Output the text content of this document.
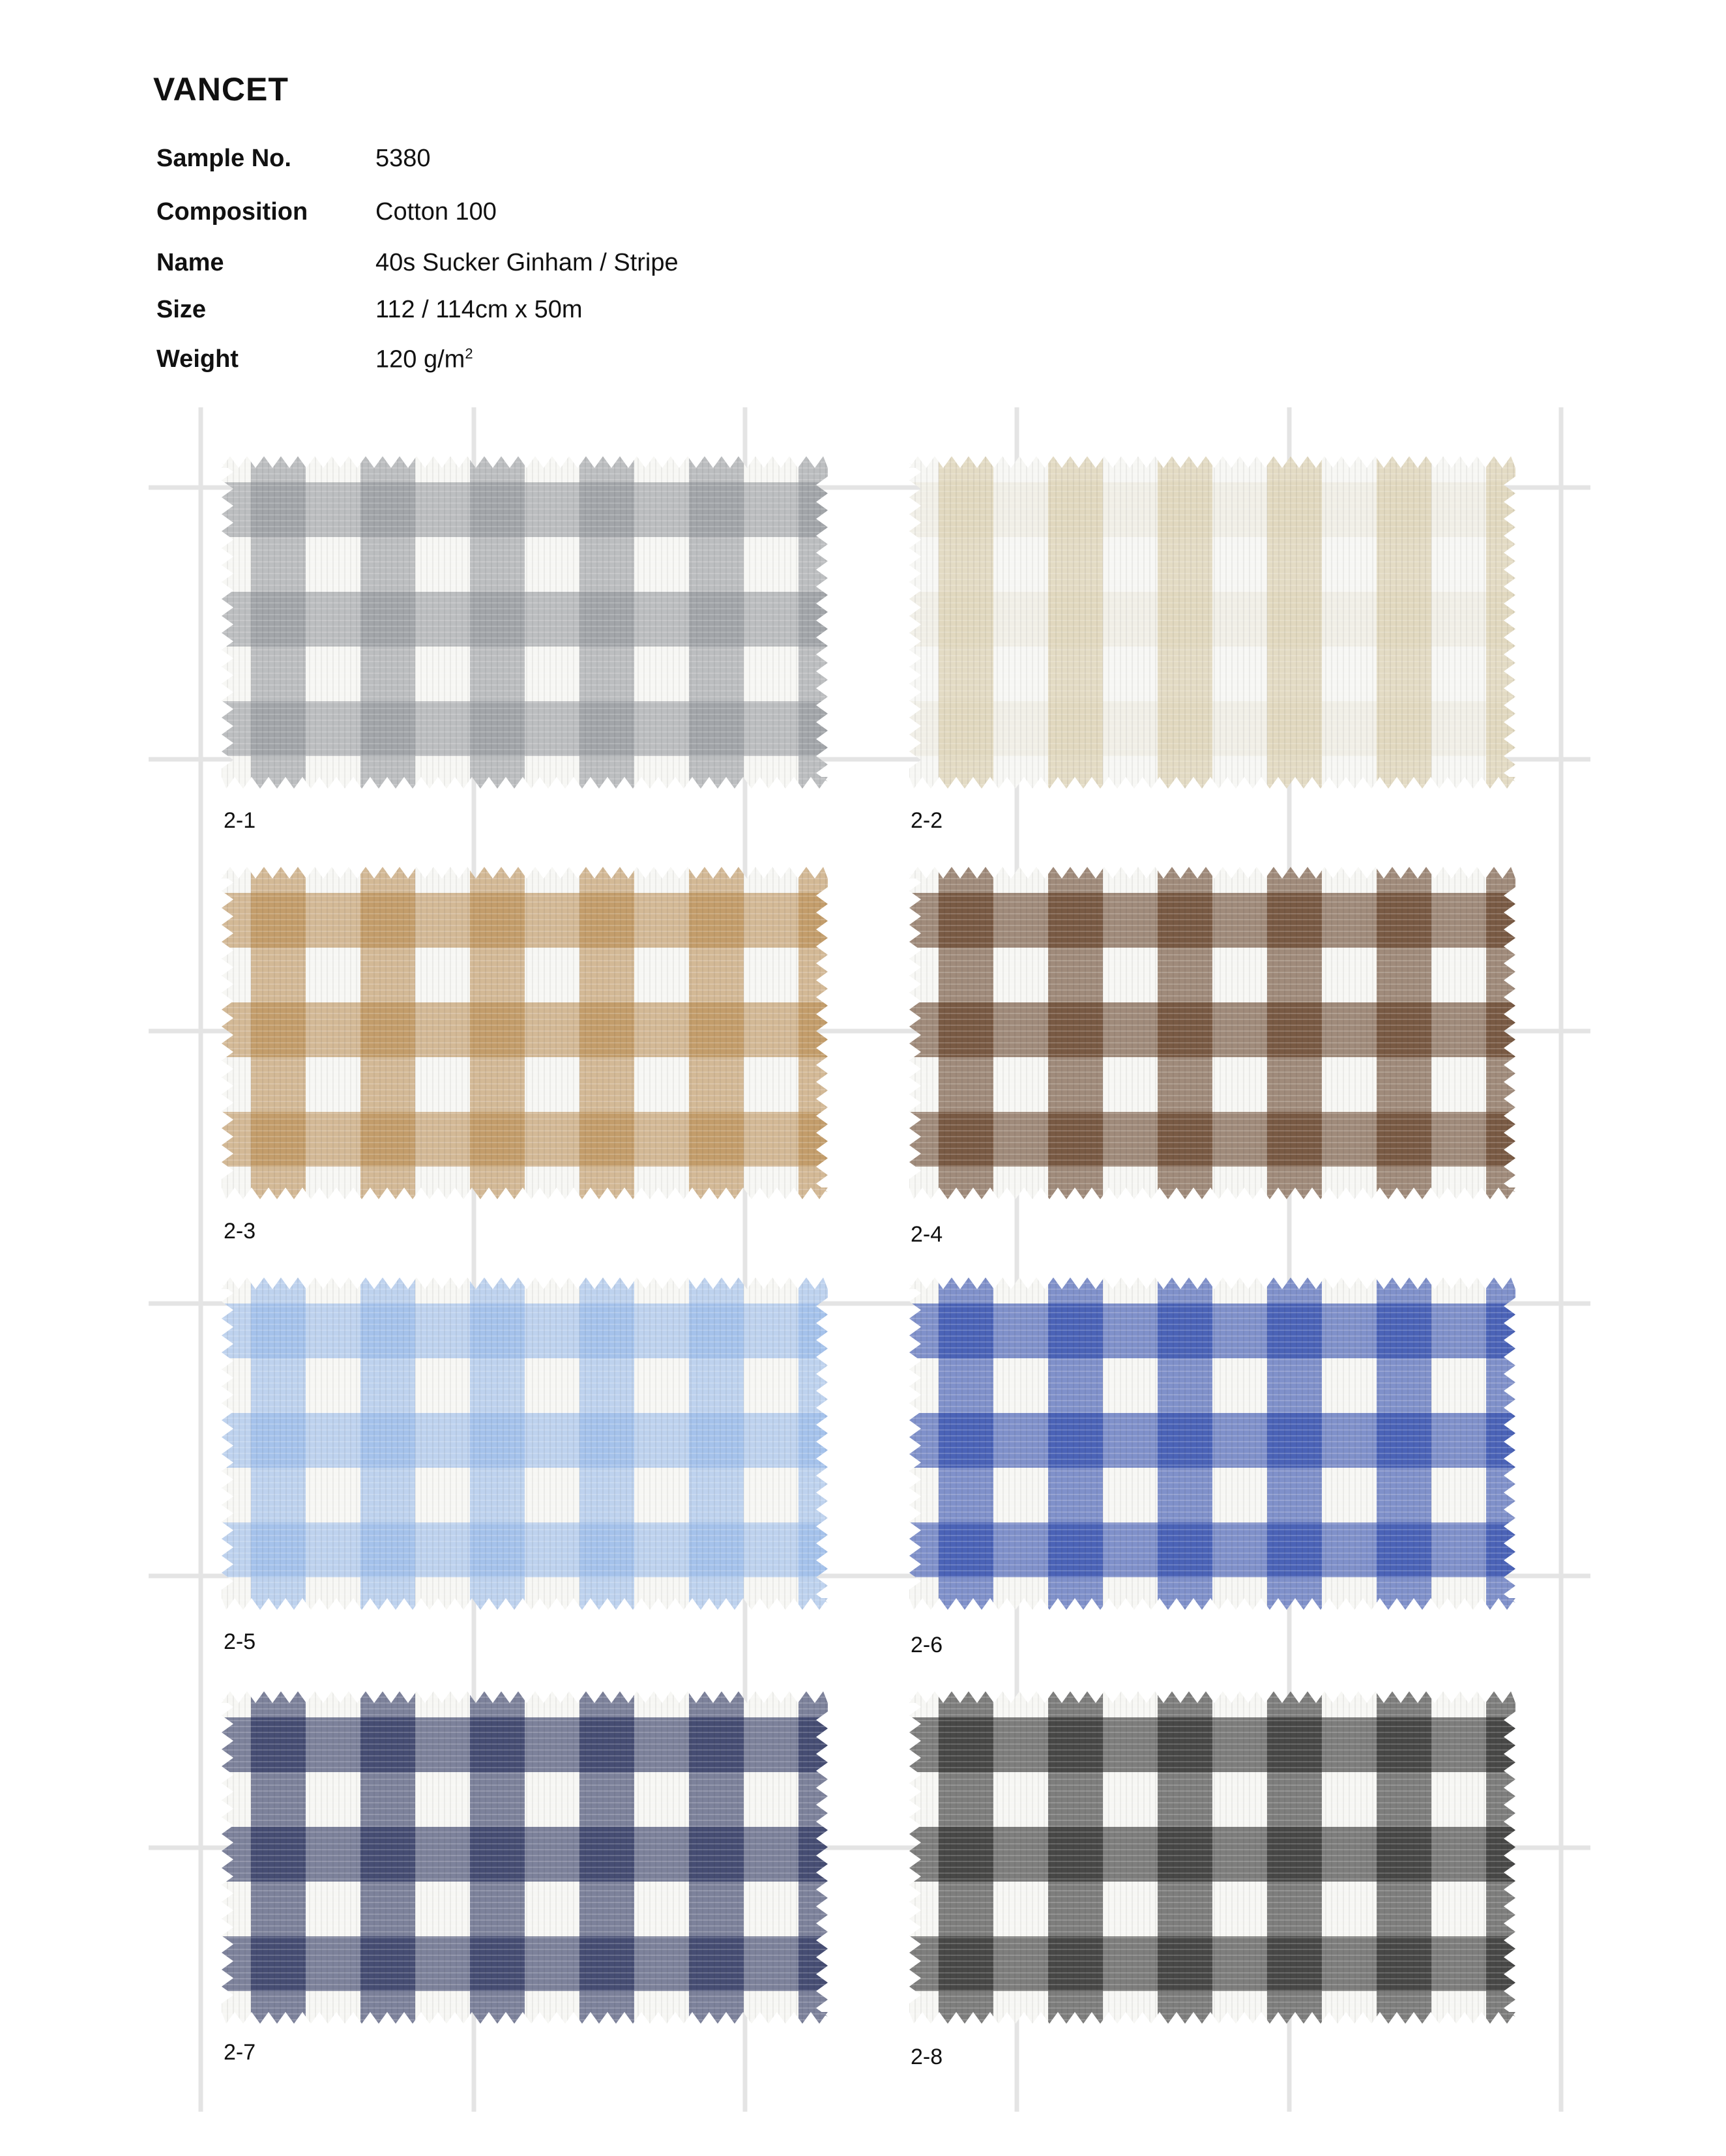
VANCET
Sample No.	5380
Composition	Cotton 100
Name	40s Sucker Ginham / Stripe
Size	112 / 114cm x 50m
Weight	120 $g/m^2$
2-1	2-2
2-3	2-4
2-5	2-6
2-7	2-8
